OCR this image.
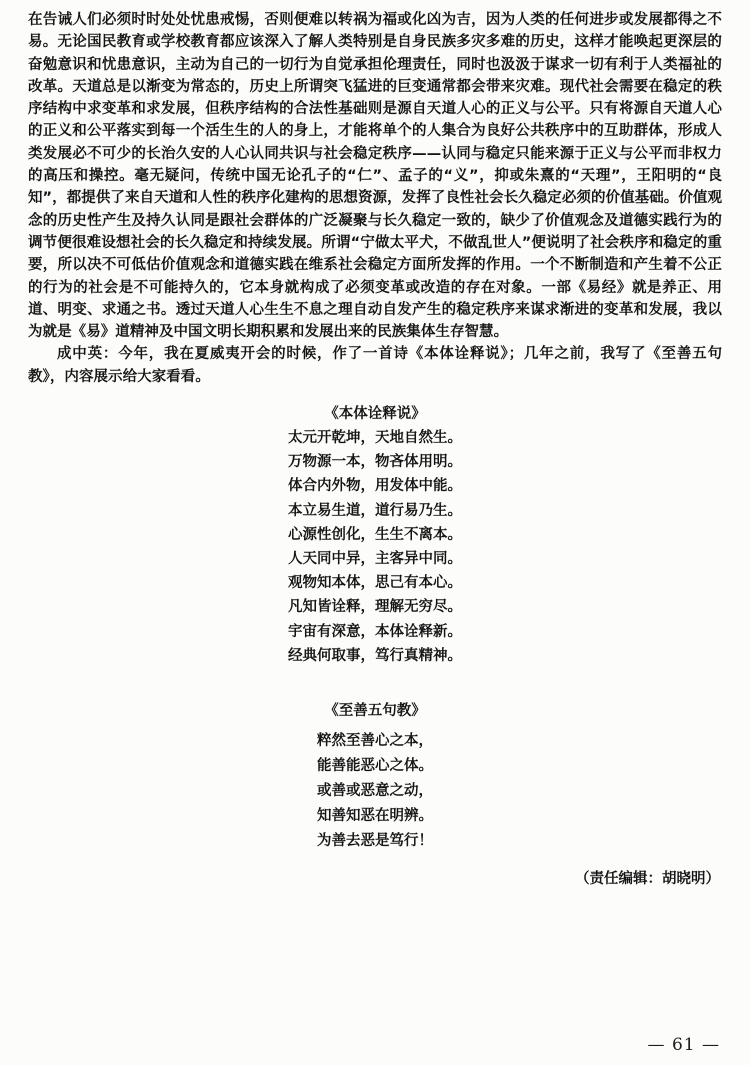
在告诫人们必须时时处处忧患戒惕，否则便难以转祸为福或化凶为吉，因为人类的任何进步或发展都得之不易。无论国民教育或学校教育都应该深入了解人类特别是自身民族多灾多难的历史，这样才能唤起更深层的奋勉意识和忧患意识，主动为自己的一切行为自觉承担伦理责任，同时也汲汲于谋求一切有利于人类福祉的改革。天道总是以渐变为常态的，历史上所谓突飞猛进的巨变通常都会带来灾难。现代社会需要在稳定的秩序结构中求变革和求发展，但秩序结构的合法性基础则是源自天道人心的正义与公平。只有将源自天道人心的正义和公平落实到每一个活生生的人的身上，才能将单个的人集合为良好公共秩序中的互助群体，形成人类发展必不可少的长治久安的人心认同共识与社会稳定秩序——认同与稳定只能来源于正义与公平而非权力的高压和操控。毫无疑问，传统中国无论孔子的“仁”、孟子的“义”，抑或朱熹的“天理”，王阳明的“良知”，都提供了来自天道和人性的秩序化建构的思想资源，发挥了良性社会长久稳定必须的价值基础。价值观念的历史性产生及持久认同是跟社会群体的广泛凝聚与长久稳定一致的，缺少了价值观念及道德实践行为的调节便很难设想社会的长久稳定和持续发展。所谓“宁做太平犬，不做乱世人”便说明了社会秩序和稳定的重要，所以决不可低估价值观念和道德实践在维系社会稳定方面所发挥的作用。一个不断制造和产生着不公正的行为的社会是不可能持久的，它本身就构成了必须变革或改造的存在对象。一部《易经》就是养正、用道、明变、求通之书。透过天道人心生生不息之理自动自发产生的稳定秩序来谋求渐进的变革和发展，我以为就是《易》道精神及中国文明长期积累和发展出来的民族集体生存智慧。

成中英：今年，我在夏威夷开会的时候，作了一首诗《本体诠释说》；几年之前，我写了《至善五句教》，内容展示给大家看看。

《本体诠释说》
太元开乾坤，天地自然生。
万物源一本，物吝体用明。
体合内外物，用发体中能。
本立易生道，道行易乃生。
心源性创化，生生不离本。
人天同中异，主客异中同。
观物知本体，思己有本心。
凡知皆诠释，理解无穷尽。
宇宙有深意，本体诠释新。
经典何取事，笃行真精神。
《至善五句教》
粹然至善心之本，
能善能恶心之体。
或善或恶意之动，
知善知恶在明辨。
为善去恶是笃行！
（责任编辑：胡晓明）
— 61 —
